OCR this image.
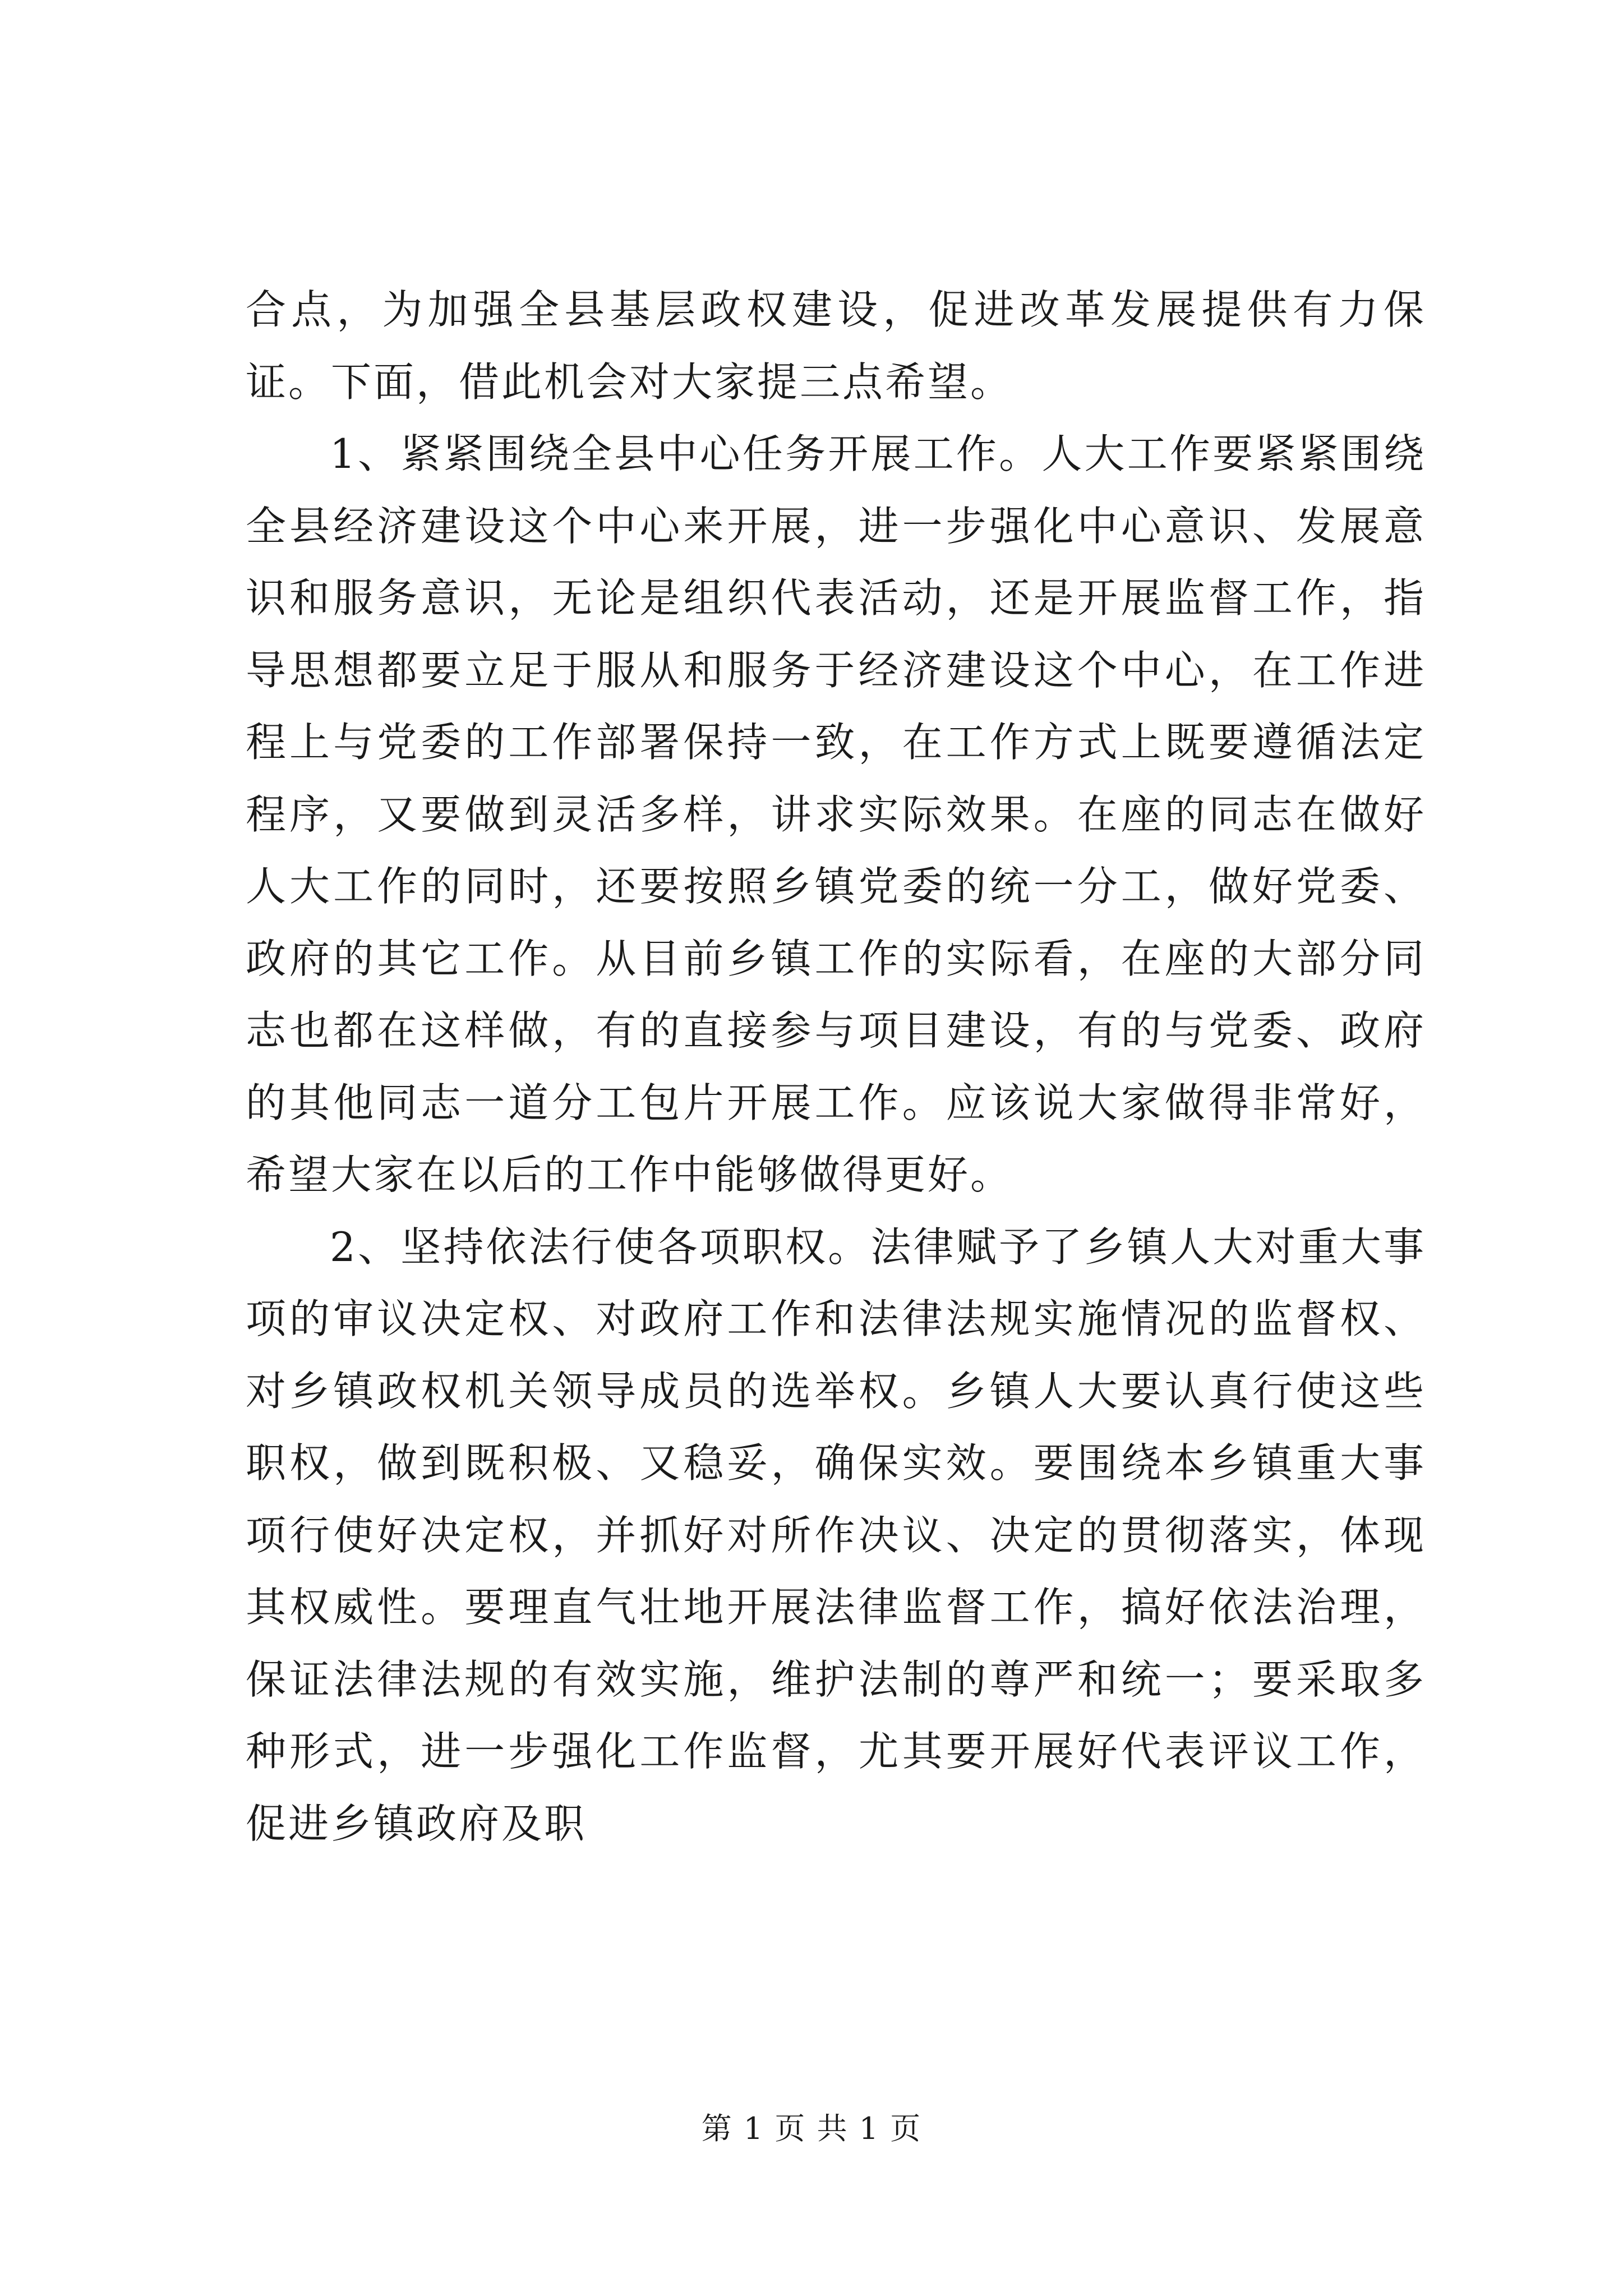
合点，为加强全县基层政权建设，促进改革发展提供有力保证。下面，借此机会对大家提三点希望。

1、紧紧围绕全县中心任务开展工作。人大工作要紧紧围绕全县经济建设这个中心来开展，进一步强化中心意识、发展意识和服务意识，无论是组织代表活动，还是开展监督工作，指导思想都要立足于服从和服务于经济建设这个中心，在工作进程上与党委的工作部署保持一致，在工作方式上既要遵循法定程序，又要做到灵活多样，讲求实际效果。在座的同志在做好人大工作的同时，还要按照乡镇党委的统一分工，做好党委、政府的其它工作。从目前乡镇工作的实际看，在座的大部分同志也都在这样做，有的直接参与项目建设，有的与党委、政府的其他同志一道分工包片开展工作。应该说大家做得非常好，希望大家在以后的工作中能够做得更好。

2、坚持依法行使各项职权。法律赋予了乡镇人大对重大事项的审议决定权、对政府工作和法律法规实施情况的监督权、对乡镇政权机关领导成员的选举权。乡镇人大要认真行使这些职权，做到既积极、又稳妥，确保实效。要围绕本乡镇重大事项行使好决定权，并抓好对所作决议、决定的贯彻落实，体现其权威性。要理直气壮地开展法律监督工作，搞好依法治理，保证法律法规的有效实施，维护法制的尊严和统一；要采取多种形式，进一步强化工作监督，尤其要开展好代表评议工作，促进乡镇政府及职

第 1 页 共 1 页
